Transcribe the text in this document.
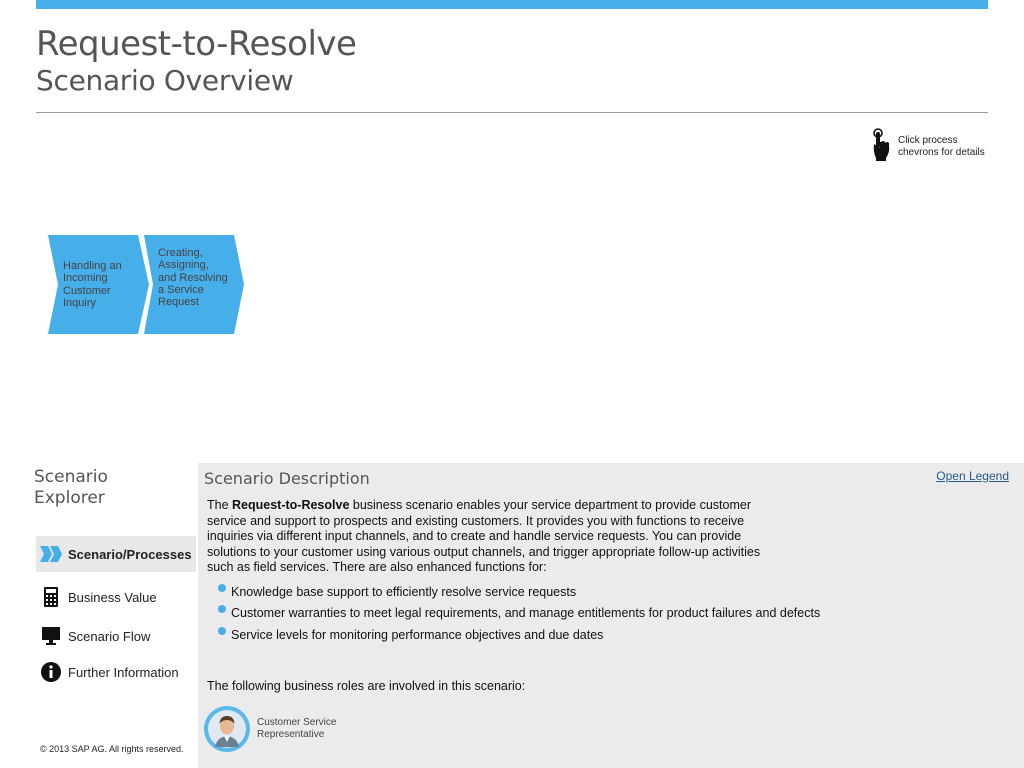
Request-to-Resolve
Scenario Overview
Click process chevrons for details
Handling an Incoming Customer Inquiry
Creating, Assigning, and Resolving a Service Request
Scenario Explorer
Scenario/Processes
Business Value
Scenario Flow
Further Information
© 2013 SAP AG. All rights reserved.
Scenario Description	Open Legend
The Request-to-Resolve business scenario enables your service department to provide customer service and support to prospects and existing customers. It provides you with functions to receive inquiries via different input channels, and to create and handle service requests. You can provide solutions to your customer using various output channels, and trigger appropriate follow-up activities such as field services. There are also enhanced functions for:
Knowledge base support to efficiently resolve service requests
Customer warranties to meet legal requirements, and manage entitlements for product failures and defects
Service levels for monitoring performance objectives and due dates
The following business roles are involved in this scenario:
Customer Service Representative
